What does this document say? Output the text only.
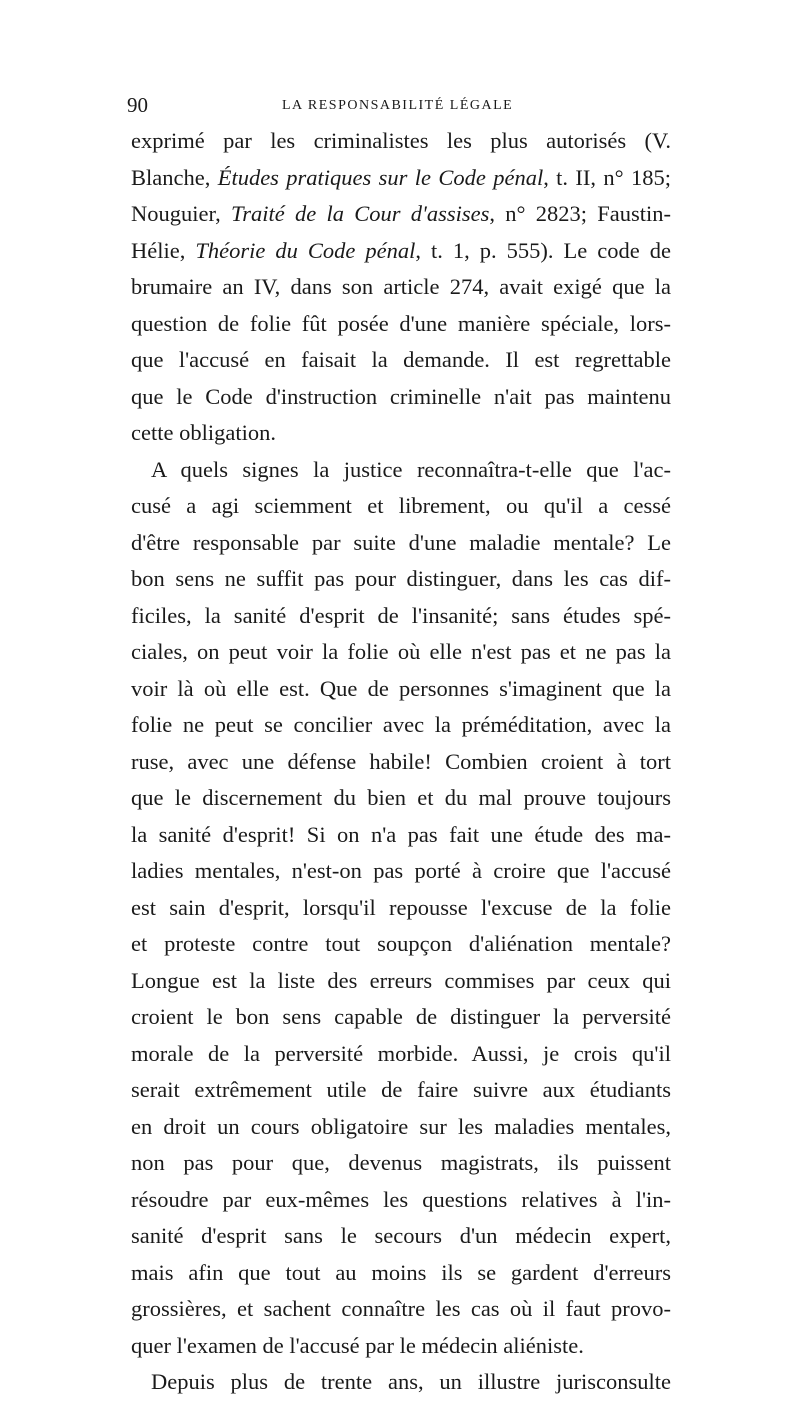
90	LA RESPONSABILITÉ LÉGALE
exprimé par les criminalistes les plus autorisés (V.
Blanche, Études pratiques sur le Code pénal, t. II, n° 185;
Nouguier, Traité de la Cour d'assises, n° 2823; Faustin-
Hélie, Théorie du Code pénal, t. 1, p. 555). Le code de
brumaire an IV, dans son article 274, avait exigé que la
question de folie fût posée d'une manière spéciale, lors-
que l'accusé en faisait la demande. Il est regrettable
que le Code d'instruction criminelle n'ait pas maintenu
cette obligation.
A quels signes la justice reconnaîtra-t-elle que l'ac-
cusé a agi sciemment et librement, ou qu'il a cessé
d'être responsable par suite d'une maladie mentale? Le
bon sens ne suffit pas pour distinguer, dans les cas dif-
ficiles, la sanité d'esprit de l'insanité; sans études spé-
ciales, on peut voir la folie où elle n'est pas et ne pas la
voir là où elle est. Que de personnes s'imaginent que la
folie ne peut se concilier avec la préméditation, avec la
ruse, avec une défense habile! Combien croient à tort
que le discernement du bien et du mal prouve toujours
la sanité d'esprit! Si on n'a pas fait une étude des ma-
ladies mentales, n'est-on pas porté à croire que l'accusé
est sain d'esprit, lorsqu'il repousse l'excuse de la folie
et proteste contre tout soupçon d'aliénation mentale?
Longue est la liste des erreurs commises par ceux qui
croient le bon sens capable de distinguer la perversité
morale de la perversité morbide. Aussi, je crois qu'il
serait extrêmement utile de faire suivre aux étudiants
en droit un cours obligatoire sur les maladies mentales,
non pas pour que, devenus magistrats, ils puissent
résoudre par eux-mêmes les questions relatives à l'in-
sanité d'esprit sans le secours d'un médecin expert,
mais afin que tout au moins ils se gardent d'erreurs
grossières, et sachent connaître les cas où il faut provo-
quer l'examen de l'accusé par le médecin aliéniste.
Depuis plus de trente ans, un illustre jurisconsulte
